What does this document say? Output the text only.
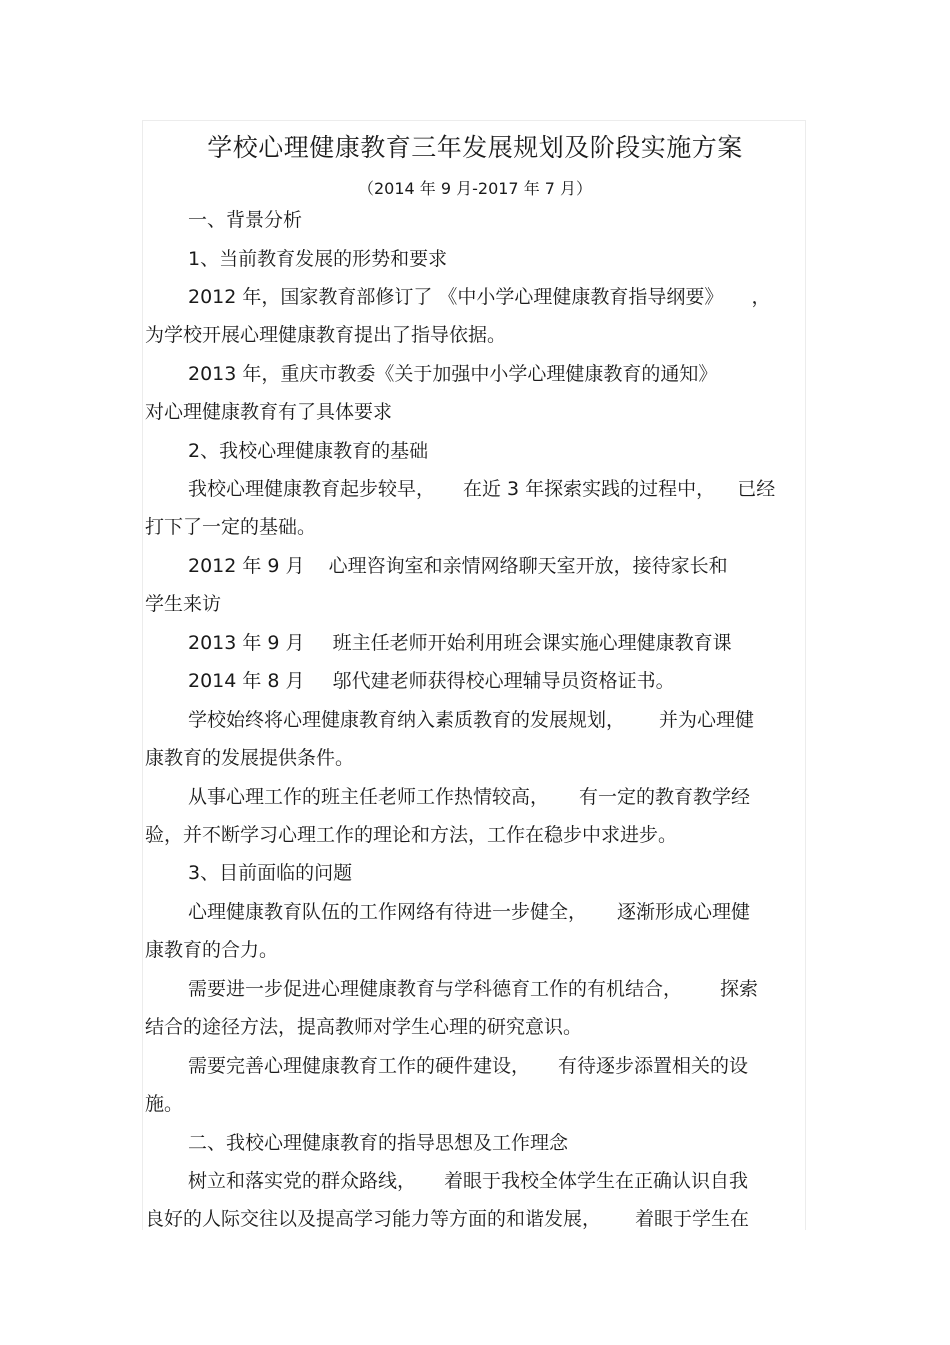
学校心理健康教育三年发展规划及阶段实施方案
（2014 年 9 月-2017 年 7 月）
一、背景分析
1、当前教育发展的形势和要求
2012 年，国家教育部修订了 《中小学心理健康教育指导纲要》 ，
为学校开展心理健康教育提出了指导依据。
2013 年，重庆市教委《关于加强中小学心理健康教育的通知》
对心理健康教育有了具体要求
2、我校心理健康教育的基础
我校心理健康教育起步较早， 在近 3 年探索实践的过程中， 已经
打下了一定的基础。
2012 年 9 月 心理咨询室和亲情网络聊天室开放，接待家长和
学生来访
2013 年 9 月 班主任老师开始利用班会课实施心理健康教育课
2014 年 8 月 邬代建老师获得校心理辅导员资格证书。
学校始终将心理健康教育纳入素质教育的发展规划， 并为心理健
康教育的发展提供条件。
从事心理工作的班主任老师工作热情较高， 有一定的教育教学经
验，并不断学习心理工作的理论和方法，工作在稳步中求进步。
3、目前面临的问题
心理健康教育队伍的工作网络有待进一步健全， 逐渐形成心理健
康教育的合力。
需要进一步促进心理健康教育与学科德育工作的有机结合， 探索
结合的途径方法，提高教师对学生心理的研究意识。
需要完善心理健康教育工作的硬件建设， 有待逐步添置相关的设
施。
二、我校心理健康教育的指导思想及工作理念
树立和落实党的群众路线， 着眼于我校全体学生在正确认识自我
良好的人际交往以及提高学习能力等方面的和谐发展， 着眼于学生在
